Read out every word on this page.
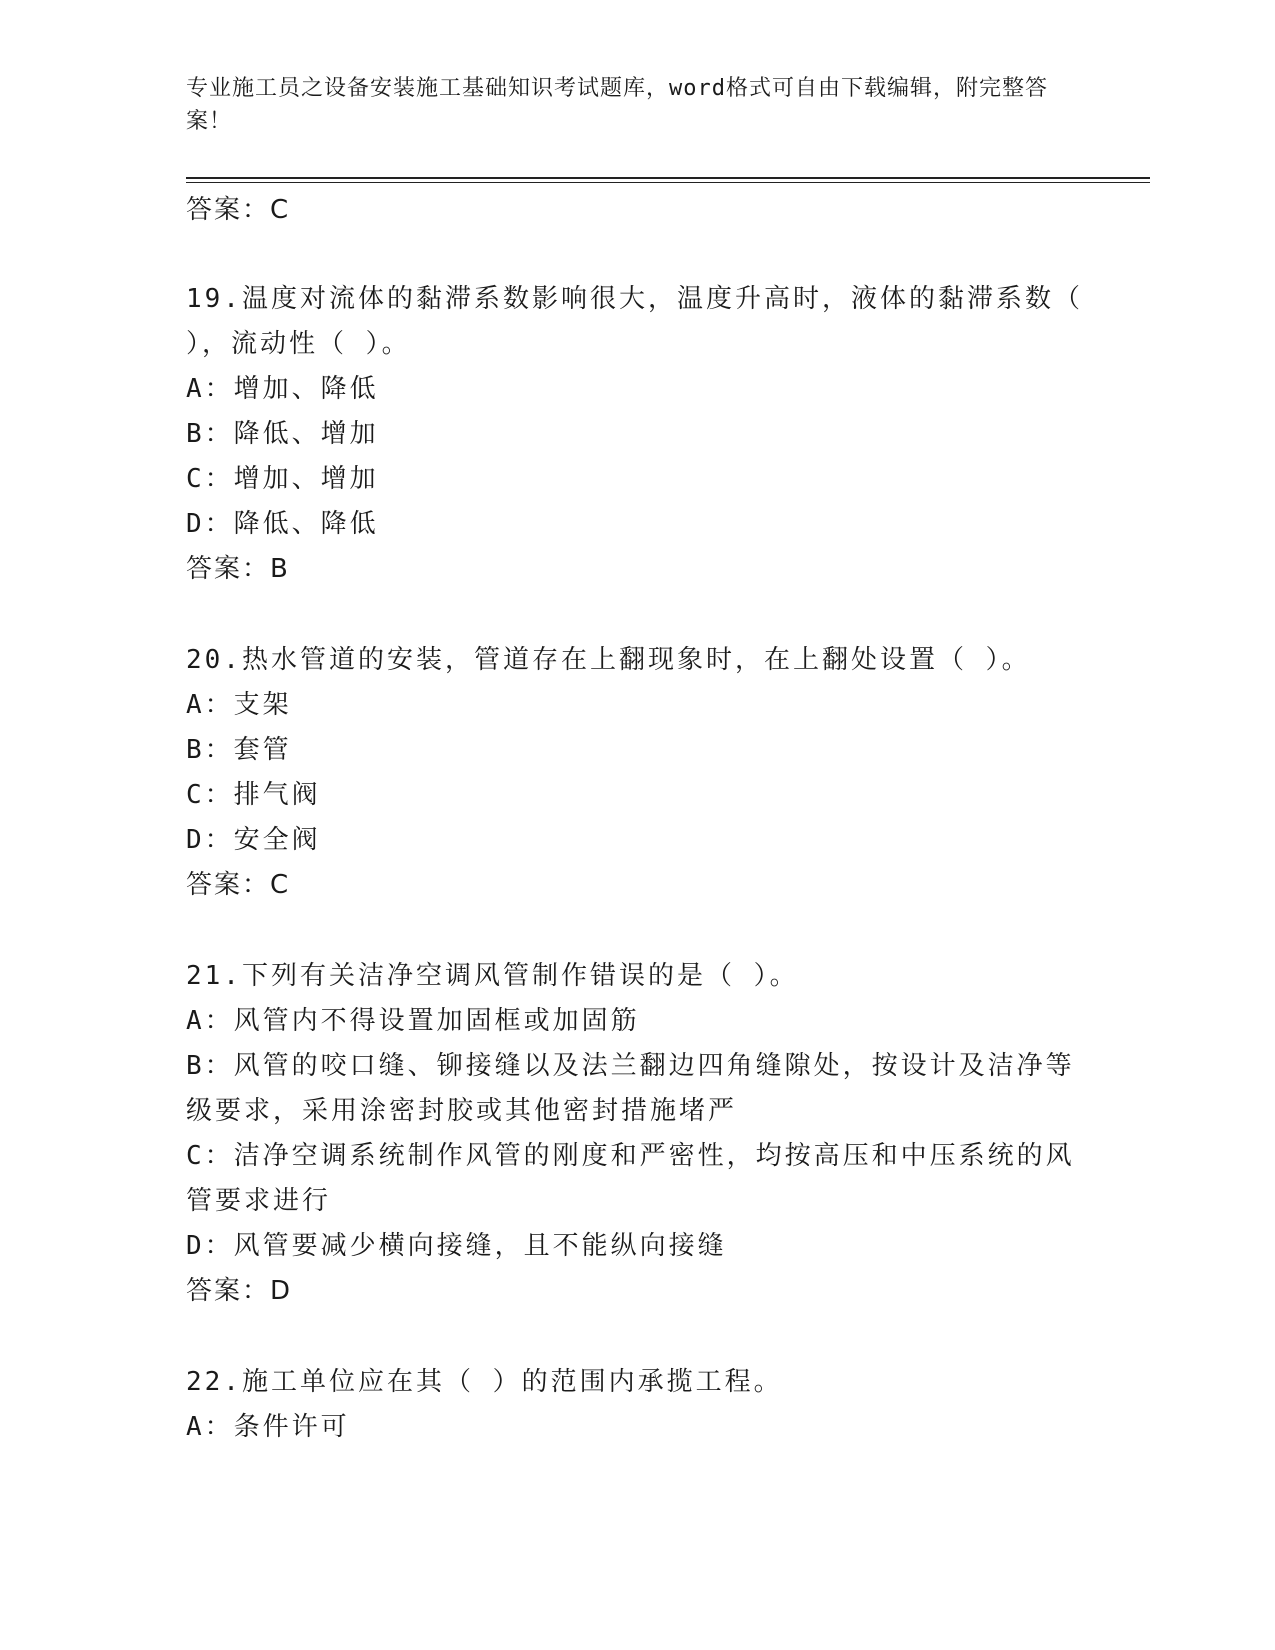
专业施工员之设备安装施工基础知识考试题库，word格式可自由下载编辑，附完整答案！
答案：C
19.温度对流体的黏滞系数影响很大，温度升高时，液体的黏滞系数（ ），流动性（ ）。
A：增加、降低
B：降低、增加
C：增加、增加
D：降低、降低
答案：B
20.热水管道的安装，管道存在上翻现象时，在上翻处设置（ ）。
A：支架
B：套管
C：排气阀
D：安全阀
答案：C
21.下列有关洁净空调风管制作错误的是（ ）。
A：风管内不得设置加固框或加固筋
B：风管的咬口缝、铆接缝以及法兰翻边四角缝隙处，按设计及洁净等级要求，采用涂密封胶或其他密封措施堵严
C：洁净空调系统制作风管的刚度和严密性，均按高压和中压系统的风管要求进行
D：风管要减少横向接缝，且不能纵向接缝
答案：D
22.施工单位应在其（ ）的范围内承揽工程。
A：条件许可
